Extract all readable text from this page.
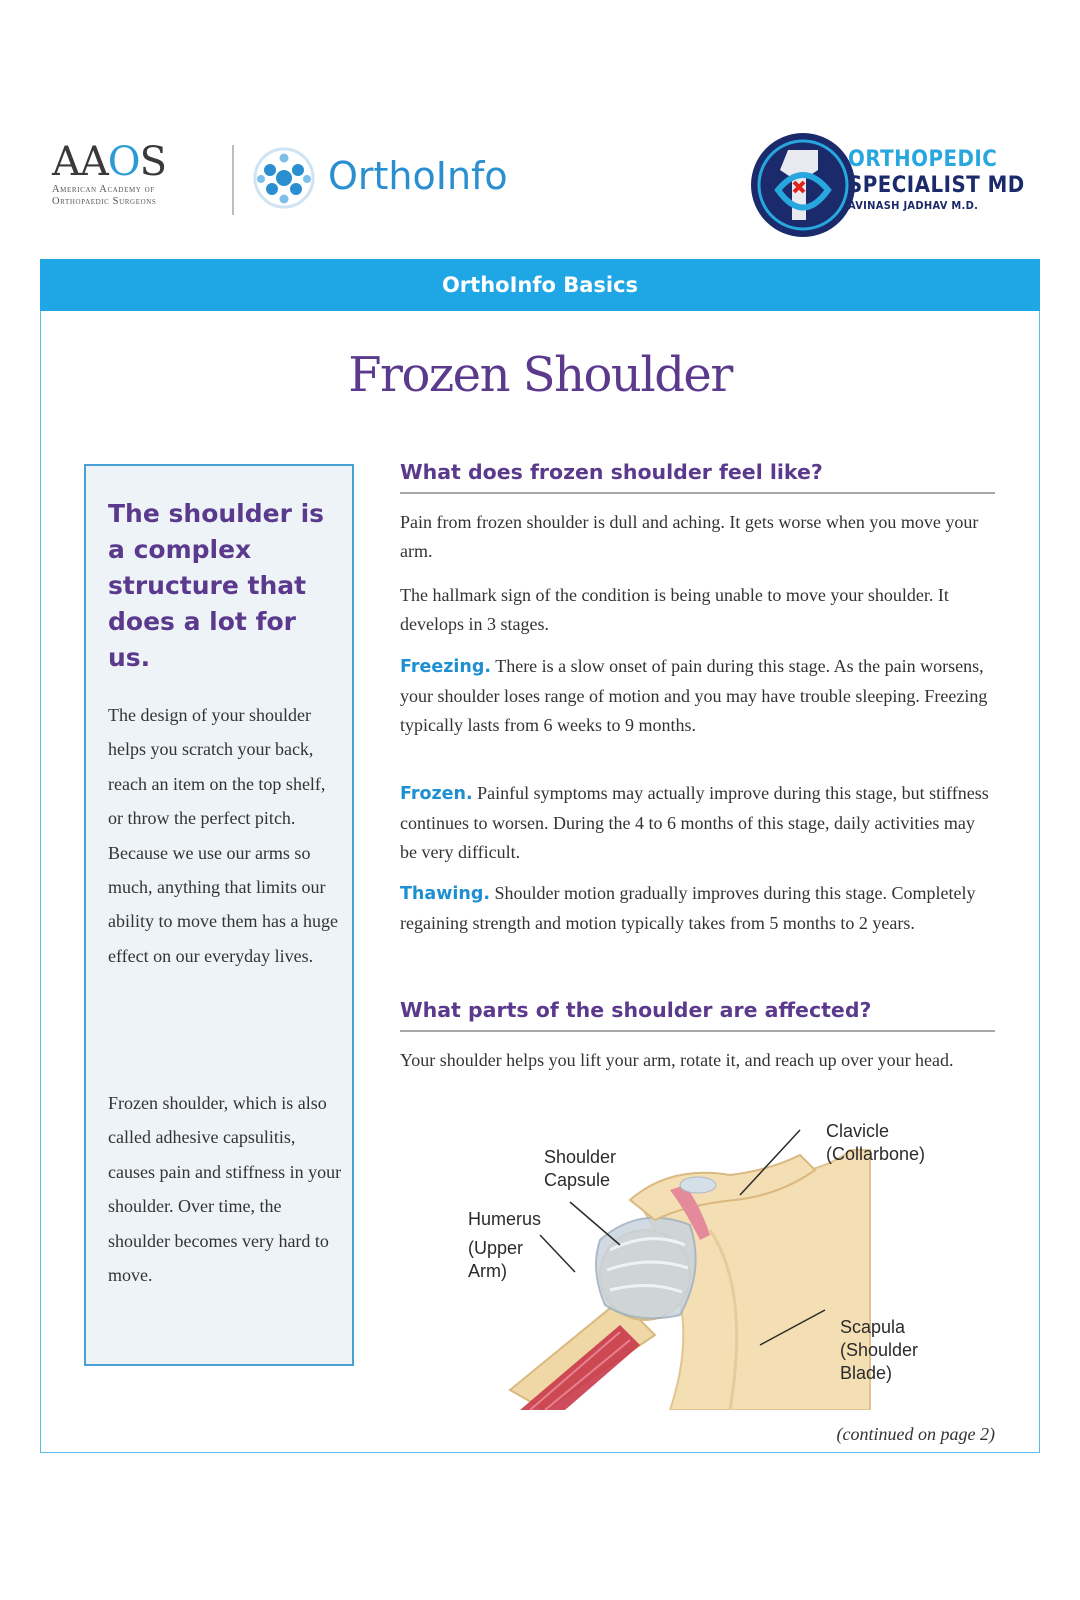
AAOS
American Academy of
Orthopaedic Surgeons
OrthoInfo	ORTHOPEDIC
SPECIALIST MD
AVINASH JADHAV M.D.
OrthoInfo Basics
Frozen Shoulder
The shoulder is a complex structure that does a lot for us.

The design of your shoulder helps you scratch your back, reach an item on the top shelf, or throw the perfect pitch. Because we use our arms so much, anything that limits our ability to move them has a huge effect on our everyday lives.

Frozen shoulder, which is also called adhesive capsulitis, causes pain and stiffness in your shoulder. Over time, the shoulder becomes very hard to move.

What does frozen shoulder feel like?

Pain from frozen shoulder is dull and aching. It gets worse when you move your arm.

The hallmark sign of the condition is being unable to move your shoulder. It develops in 3 stages.

Freezing. There is a slow onset of pain during this stage. As the pain worsens, your shoulder loses range of motion and you may have trouble sleeping. Freezing typically lasts from 6 weeks to 9 months.

Frozen. Painful symptoms may actually improve during this stage, but stiffness continues to worsen. During the 4 to 6 months of this stage, daily activities may be very difficult.

Thawing. Shoulder motion gradually improves during this stage. Completely regaining strength and motion typically takes from 5 months to 2 years.

What parts of the shoulder are affected?

Your shoulder helps you lift your arm, rotate it, and reach up over your head.

Shoulder
Capsule
Clavicle
(Collarbone)
Humerus
(Upper
Arm)
Scapula
(Shoulder
Blade)
(continued on page 2)
